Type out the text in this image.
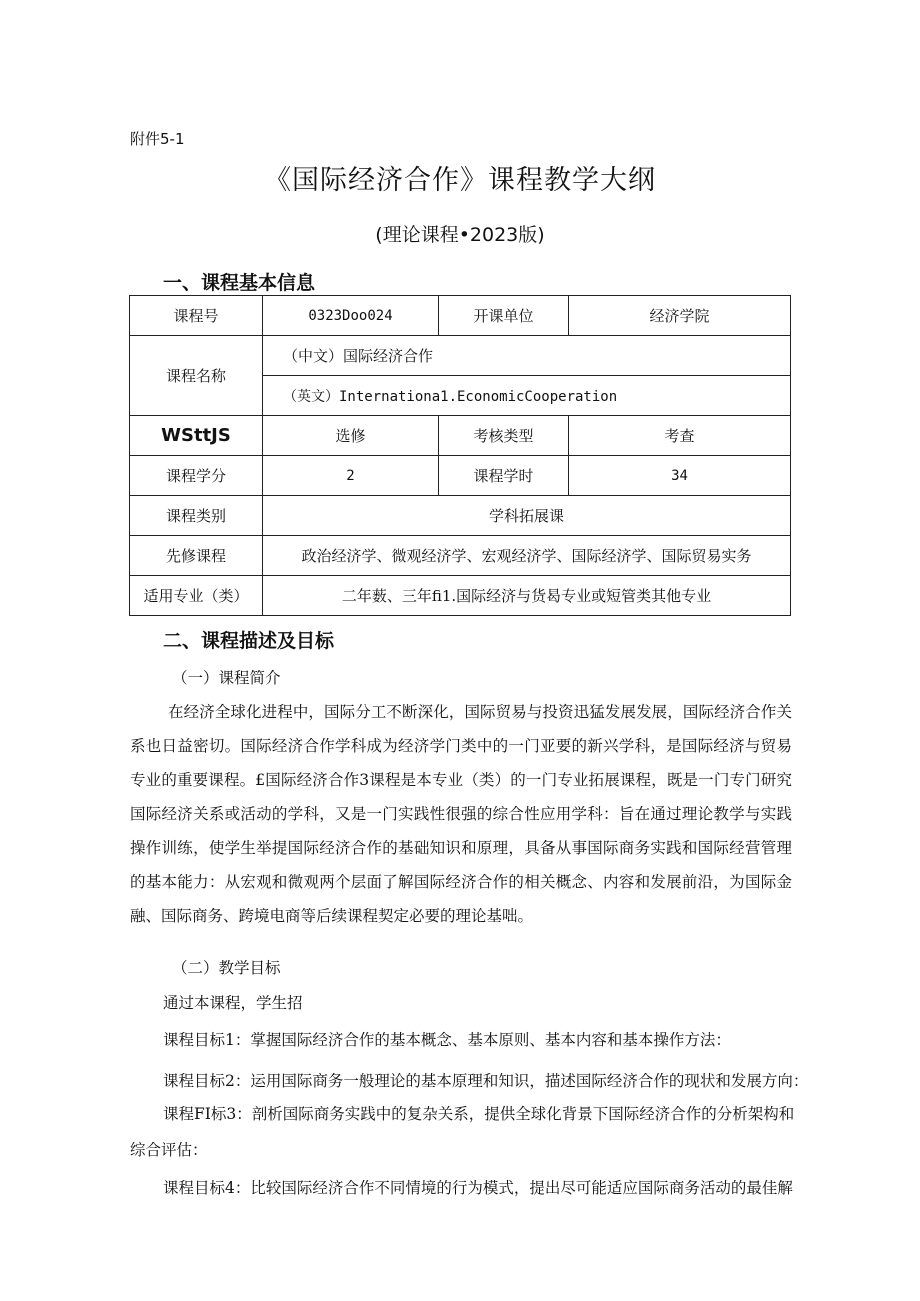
附件5-1
《国际经济合作》课程教学大纲
(理论课程•2023版)
一、课程基本信息
课程号	0323Doo024	开课单位	经济学院
课程名称	（中文）国际经济合作		
	（英文）Internationa1.EconomicCooperation		
WSttJS	选修	考核类型	考查
课程学分	2	课程学时	34
课程类别	学科拓展课		
先修课程	政治经济学、微观经济学、宏观经济学、国际经济学、国际贸易实务		
适用专业（类）	二年薮、三年fi1.国际经济与货曷专业或短管类其他专业		
二、课程描述及目标
（一）课程简介
在经济全球化进程中，国际分工不断深化，国际贸易与投资迅猛发展发展，国际经济合作关系也日益密切。国际经济合作学科成为经济学门类中的一门亚要的新兴学科，是国际经济与贸易专业的重要课程。£国际经济合作3课程是本专业（类）的一门专业拓展课程，既是一门专门研究国际经济关系或活动的学科，又是一门实践性很强的综合性应用学科：旨在通过理论教学与实践操作训练，使学生举提国际经济合作的基础知识和原理，具备从事国际商务实践和国际经营管理的基本能力：从宏观和微观两个层面了解国际经济合作的相关概念、内容和发展前沿，为国际金融、国际商务、跨境电商等后续课程契定必要的理论基咄。
（二）教学目标
通过本课程，学生招
课程目标1：掌握国际经济合作的基本概念、基本原则、基本内容和基本操作方法：
课程目标2：运用国际商务一般理论的基本原理和知识，描述国际经济合作的现状和发展方向：
课程FI标3：剖析国际商务实践中的复杂关系，提供全球化背景下国际经济合作的分析架构和
综合评估：
课程目标4：比较国际经济合作不同情境的行为模式，提出尽可能适应国际商务活动的最佳解
